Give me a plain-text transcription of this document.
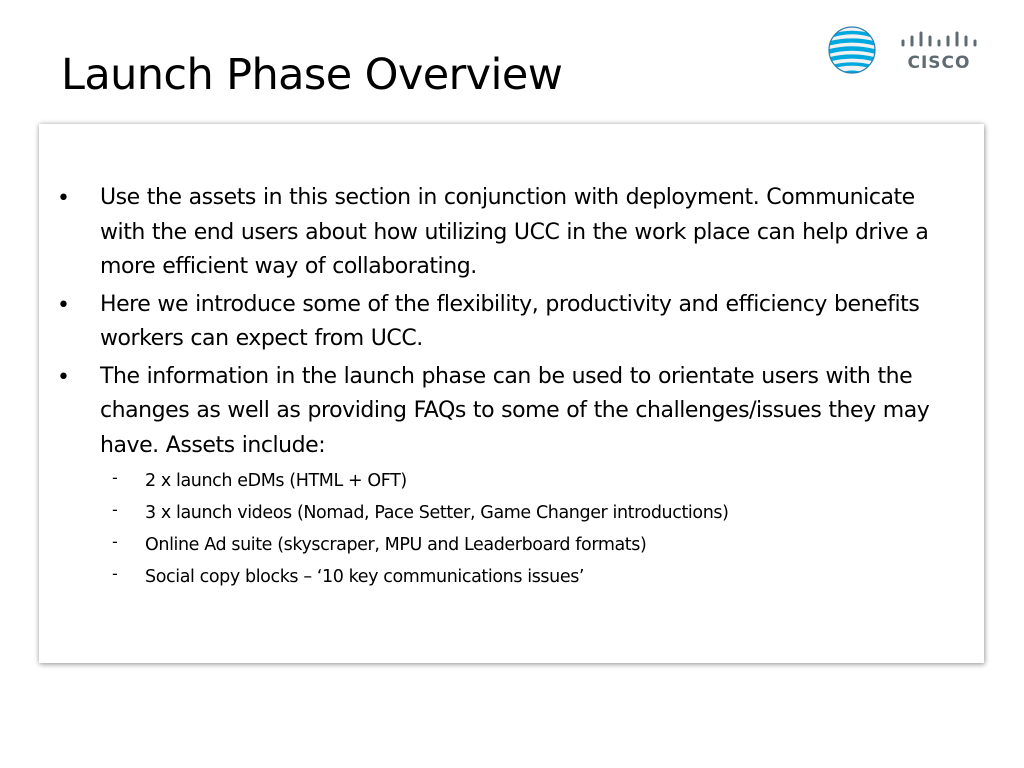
Launch Phase Overview	CISCO
• Use the assets in this section in conjunction with deployment. Communicate with the end users about how utilizing UCC in the work place can help drive a more efficient way of collaborating.
• Here we introduce some of the flexibility, productivity and efficiency benefits workers can expect from UCC.
• The information in the launch phase can be used to orientate users with the changes as well as providing FAQs to some of the challenges/issues they may have. Assets include:
- 2 x launch eDMs (HTML + OFT)
- 3 x launch videos (Nomad, Pace Setter, Game Changer introductions)
- Online Ad suite (skyscraper, MPU and Leaderboard formats)
- Social copy blocks – ‘10 key communications issues’
